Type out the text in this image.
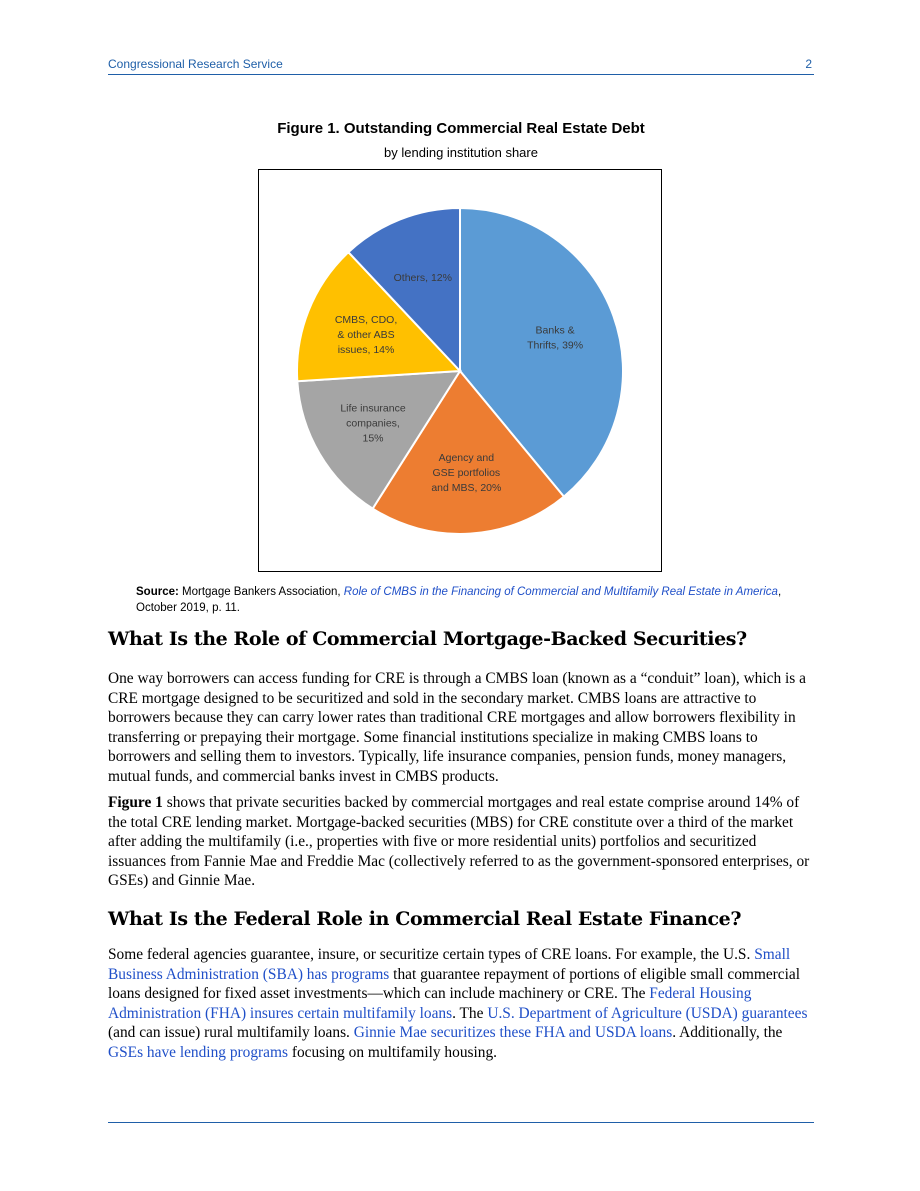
Congressional Research Service	2
Figure 1. Outstanding Commercial Real Estate Debt
by lending institution share
Banks & Thrifts, 39%
Agency and GSE portfolios and MBS, 20%
Life insurance companies, 15%
CMBS, CDO, & other ABS issues, 14%
Others, 12%
Source: Mortgage Bankers Association, Role of CMBS in the Financing of Commercial and Multifamily Real Estate in America, October 2019, p. 11.
What Is the Role of Commercial Mortgage-Backed Securities?

One way borrowers can access funding for CRE is through a CMBS loan (known as a “conduit” loan), which is a CRE mortgage designed to be securitized and sold in the secondary market. CMBS loans are attractive to borrowers because they can carry lower rates than traditional CRE mortgages and allow borrowers flexibility in transferring or prepaying their mortgage. Some financial institutions specialize in making CMBS loans to borrowers and selling them to investors. Typically, life insurance companies, pension funds, money managers, mutual funds, and commercial banks invest in CMBS products.

Figure 1 shows that private securities backed by commercial mortgages and real estate comprise around 14% of the total CRE lending market. Mortgage-backed securities (MBS) for CRE constitute over a third of the market after adding the multifamily (i.e., properties with five or more residential units) portfolios and securitized issuances from Fannie Mae and Freddie Mac (collectively referred to as the government-sponsored enterprises, or GSEs) and Ginnie Mae.

What Is the Federal Role in Commercial Real Estate Finance?

Some federal agencies guarantee, insure, or securitize certain types of CRE loans. For example, the U.S. Small Business Administration (SBA) has programs that guarantee repayment of portions of eligible small commercial loans designed for fixed asset investments—which can include machinery or CRE. The Federal Housing Administration (FHA) insures certain multifamily loans. The U.S. Department of Agriculture (USDA) guarantees (and can issue) rural multifamily loans. Ginnie Mae securitizes these FHA and USDA loans. Additionally, the GSEs have lending programs focusing on multifamily housing.
